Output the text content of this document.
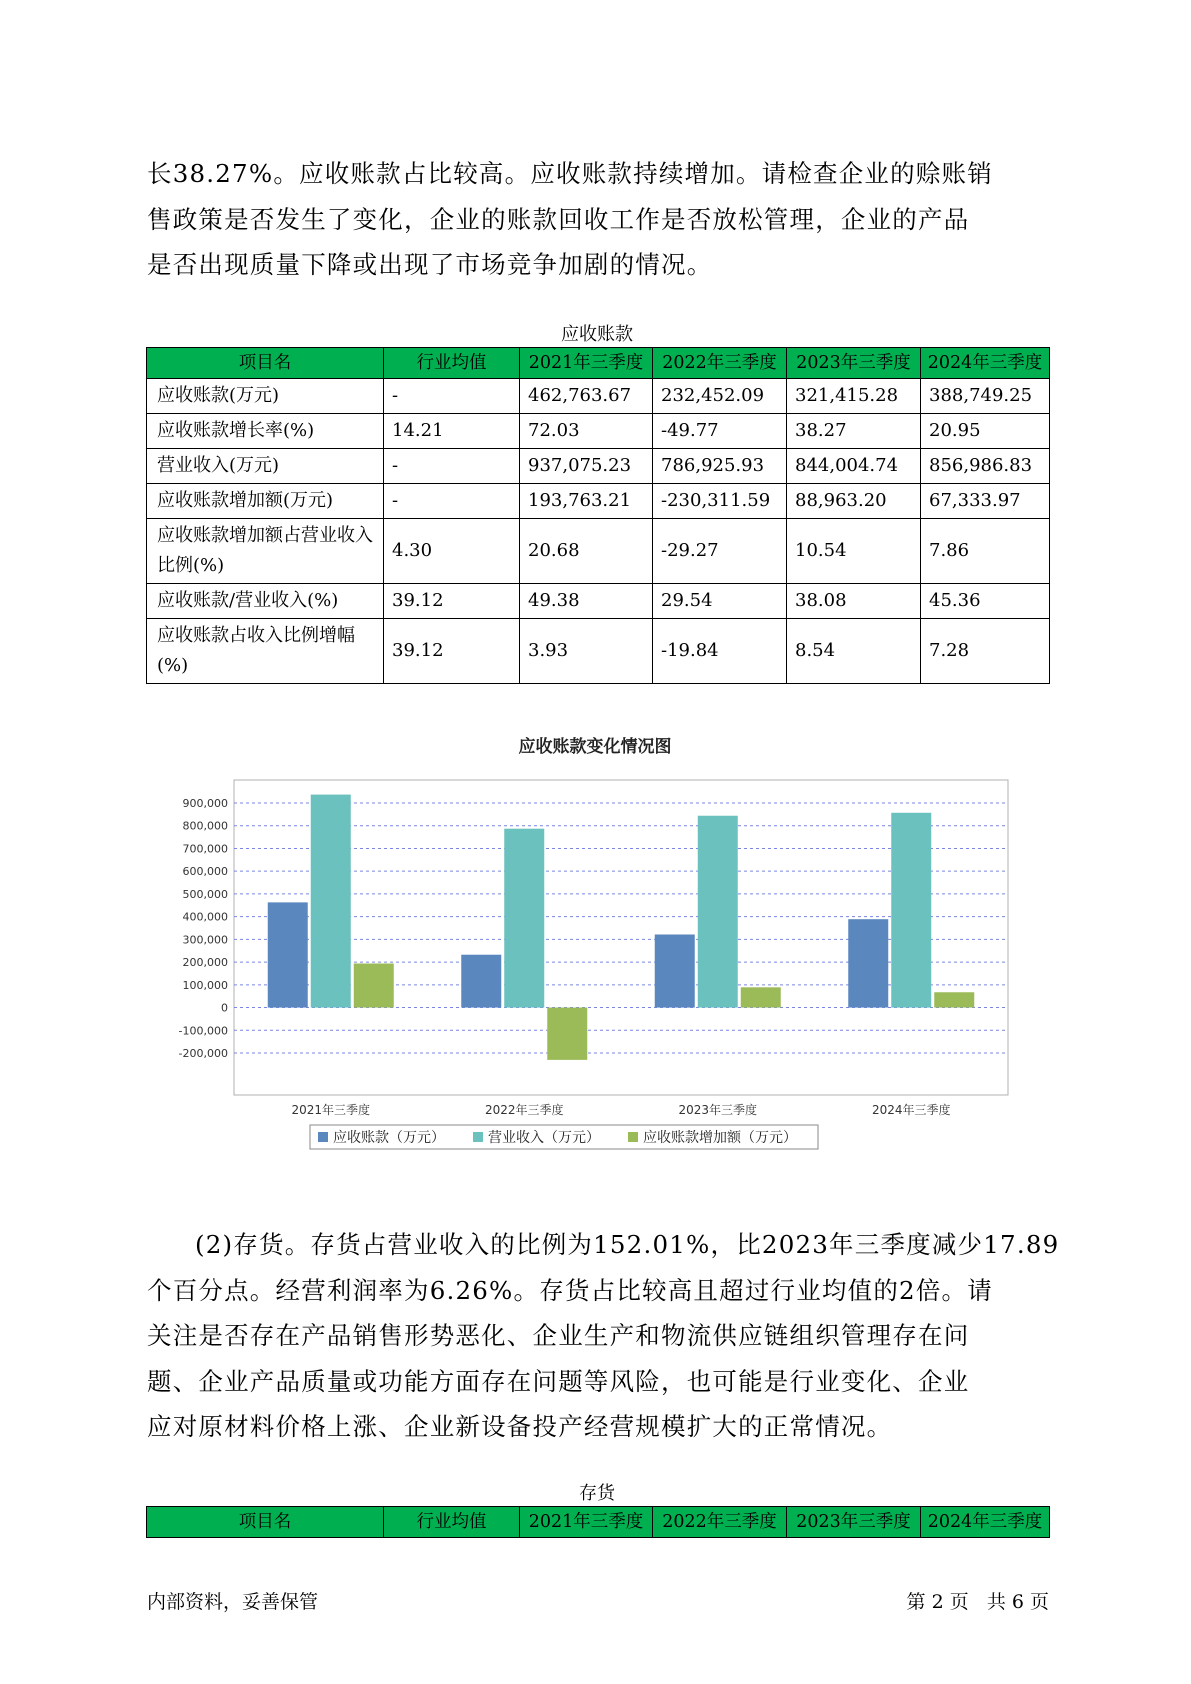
长38.27%。应收账款占比较高。应收账款持续增加。请检查企业的赊账销
售政策是否发生了变化，企业的账款回收工作是否放松管理，企业的产品
是否出现质量下降或出现了市场竞争加剧的情况。
应收账款
项目名	行业均值	2021年三季度	2022年三季度	2023年三季度	2024年三季度
应收账款(万元)	-	462,763.67	232,452.09	321,415.28	388,749.25
应收账款增长率(%)	14.21	72.03	-49.77	38.27	20.95
营业收入(万元)	-	937,075.23	786,925.93	844,004.74	856,986.83
应收账款增加额(万元)	-	193,763.21	-230,311.59	88,963.20	67,333.97
应收账款增加额占营业收入比例(%)	4.30	20.68	-29.27	10.54	7.86
应收账款/营业收入(%)	39.12	49.38	29.54	38.08	45.36
应收账款占收入比例增幅(%)	39.12	3.93	-19.84	8.54	7.28
应收账款变化情况图
900,000
800,000
700,000
600,000
500,000
400,000
300,000
200,000
100,000
0
-100,000
-200,000
2021年三季度	2022年三季度	2023年三季度	2024年三季度
应收账款（万元）	营业收入（万元）	应收账款增加额（万元）
(2)存货。存货占营业收入的比例为152.01%，比2023年三季度减少17.89
个百分点。经营利润率为6.26%。存货占比较高且超过行业均值的2倍。请
关注是否存在产品销售形势恶化、企业生产和物流供应链组织管理存在问
题、企业产品质量或功能方面存在问题等风险，也可能是行业变化、企业
应对原材料价格上涨、企业新设备投产经营规模扩大的正常情况。
存货
项目名	行业均值	2021年三季度	2022年三季度	2023年三季度	2024年三季度
内部资料，妥善保管	第 2 页   共 6 页
